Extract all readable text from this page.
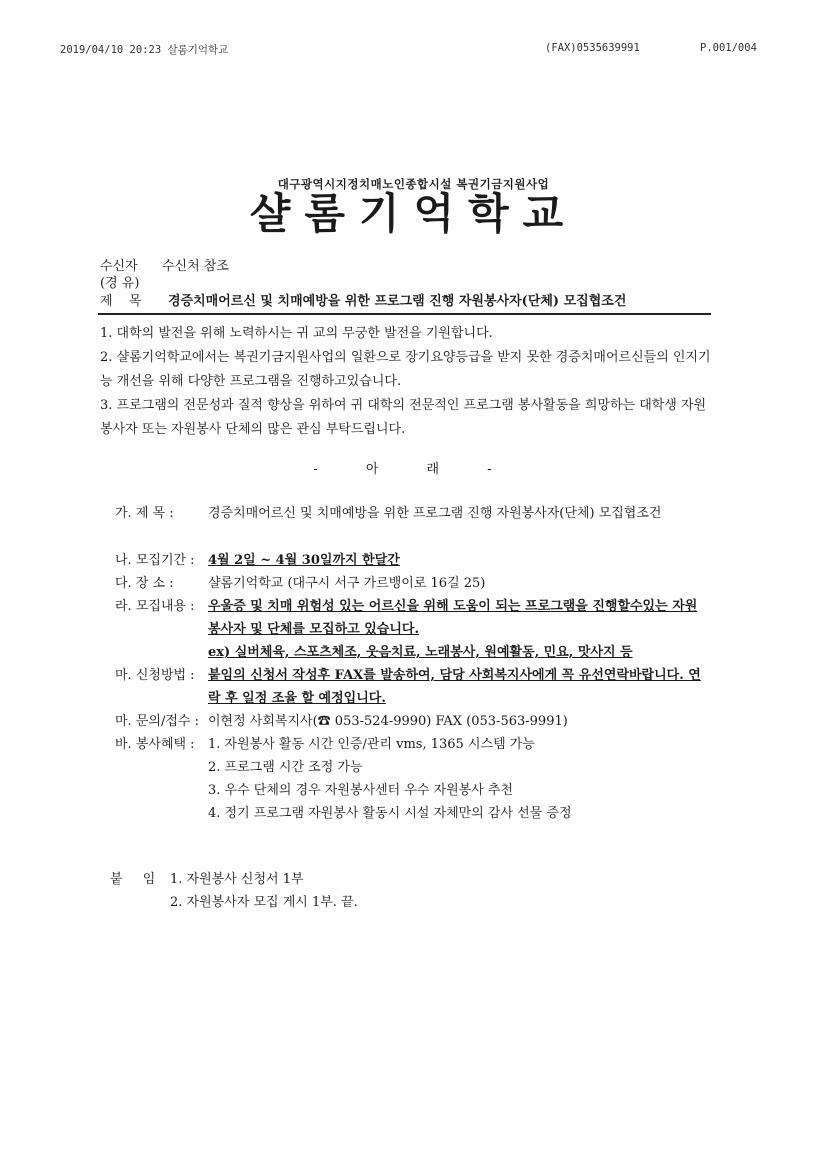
2019/04/10 20:23 살롬기억학교	(FAX)0535639991	P.001/004
대구광역시지정치매노인종합시설 복권기금지원사업
샬롬기억학교
수신자 수신처 참조
(경 유)
제 목 경증치매어르신 및 치매예방을 위한 프로그램 진행 자원봉사자(단체) 모집협조건
1. 대학의 발전을 위해 노력하시는 귀 교의 무궁한 발전을 기원합니다.
2. 샬롬기억학교에서는 복권기금지원사업의 일환으로 장기요양등급을 받지 못한 경증치매어르신들의 인지기능 개선을 위해 다양한 프로그램을 진행하고있습니다.
3. 프로그램의 전문성과 질적 향상을 위하여 귀 대학의 전문적인 프로그램 봉사활동을 희망하는 대학생 자원봉사자 또는 자원봉사 단체의 많은 관심 부탁드립니다.
- 아 래 -
가. 제 목 :	경증치매어르신 및 치매예방을 위한 프로그램 진행 자원봉사자(단체) 모집협조건
나. 모집기간 : 4월 2일 ~ 4월 30일까지 한달간
다. 장 소 :	샬롬기억학교 (대구시 서구 가르뱅이로 16길 25)
라. 모집내용 : 우울증 및 치매 위험성 있는 어르신을 위해 도움이 되는 프로그램을 진행할수있는 자원봉사자 및 단체를 모집하고 있습니다.
ex) 실버체육, 스포츠체조, 웃음치료, 노래봉사, 원예활동, 민요, 맛사지 등
마. 신청방법 : 붙임의 신청서 작성후 FAX를 발송하여, 담당 사회복지사에게 꼭 유선연락바랍니다. 연락 후 일정 조율 할 예정입니다.
마. 문의/접수 : 이현정 사회복지사(☎ 053-524-9990) FAX (053-563-9991)
바. 봉사혜택 : 1. 자원봉사 활동 시간 인증/관리 vms, 1365 시스템 가능
2. 프로그램 시간 조정 가능
3. 우수 단체의 경우 자원봉사센터 우수 자원봉사 추천
4. 정기 프로그램 자원봉사 활동시 시설 자체만의 감사 선물 증정
붙 임 1. 자원봉사 신청서 1부
2. 자원봉사자 모집 게시 1부. 끝.
